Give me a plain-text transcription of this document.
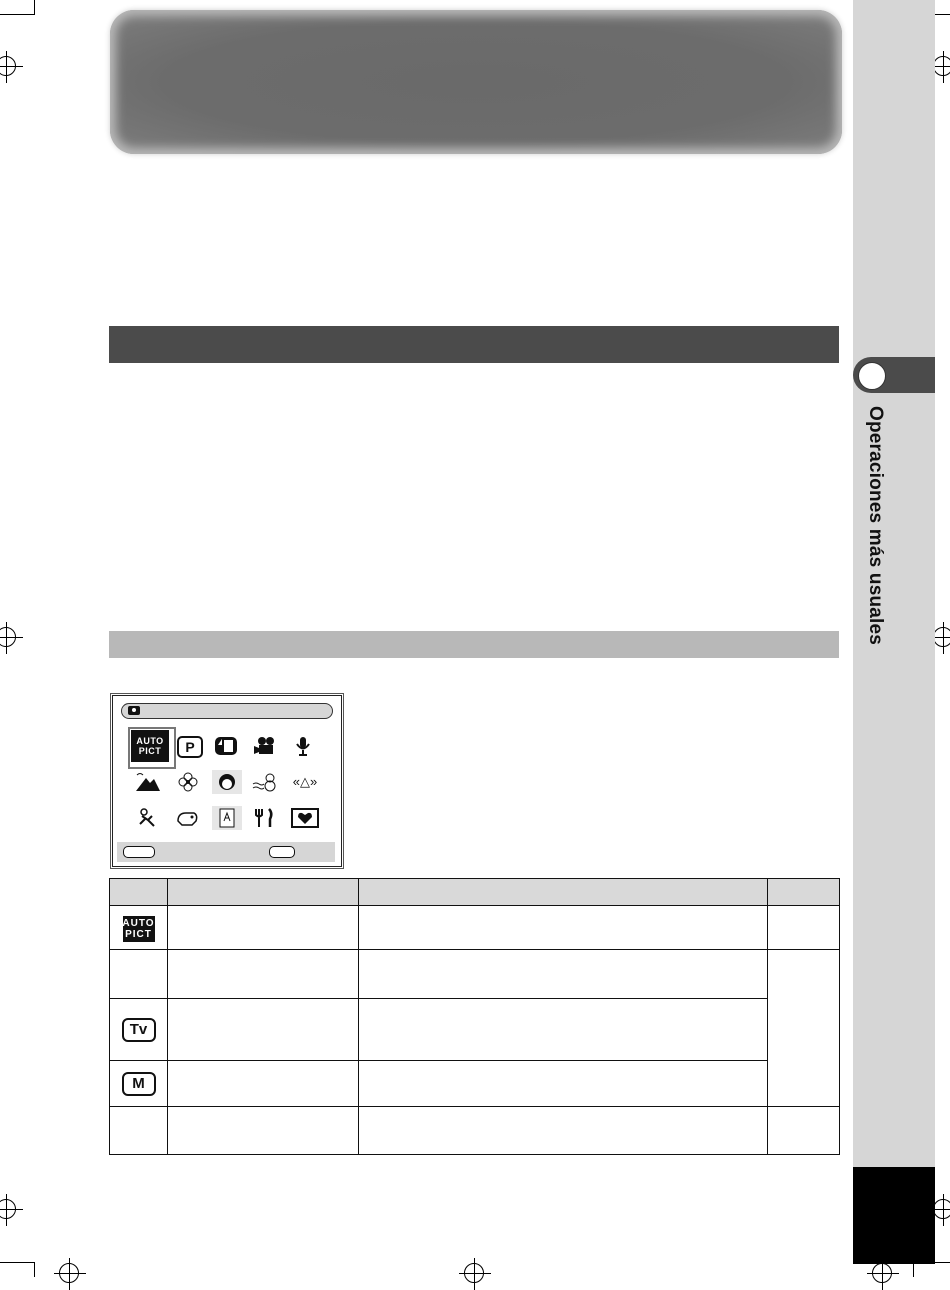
Operaciones más usuales
AUTO
PICT P
«△»

AUTO
PICT			

Tv			

M			
